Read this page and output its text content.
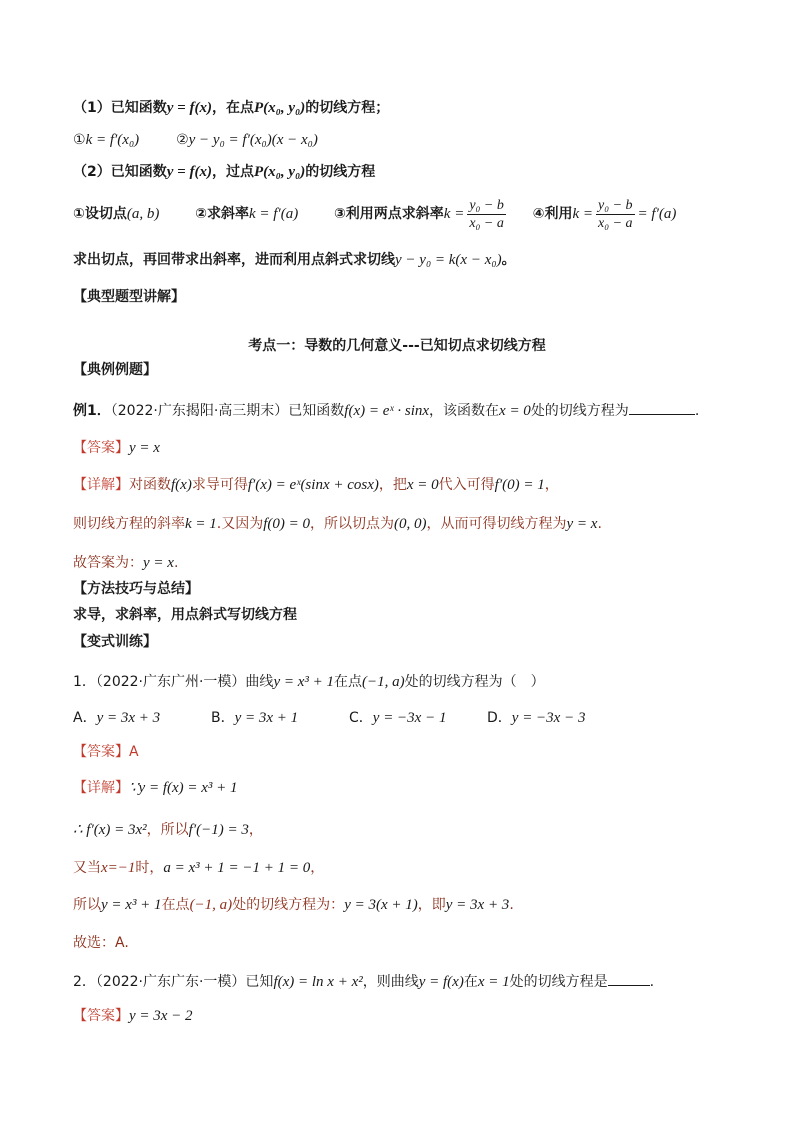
（1）已知函数y = f(x)，在点P(x₀, y₀)的切线方程；
①k = f′(x₀)	②y − y₀ = f′(x₀)(x − x₀)
（2）已知函数y = f(x)，过点P(x₀, y₀)的切线方程
①设切点(a, b)	②求斜率k = f′(a)	③利用两点求斜率$k = \frac{\text{y₀ − b}}{\text{x₀ − a}}$ ④利用$k = \frac{\text{y₀ − b}}{\text{x₀ − a}} = f'(a)$
求出切点，再回带求出斜率，进而利用点斜式求切线y − y₀ = k(x − x₀)。
【典型题型讲解】
考点一：导数的几何意义---已知切点求切线方程
【典例例题】
例1．（2022·广东揭阳·高三期末）已知函数f(x) = eˣ · sinx，该函数在x = 0处的切线方程为	.
【答案】y = x
【详解】对函数f(x)求导可得f′(x) = eˣ(sinx + cosx)，把x = 0代入可得f′(0) = 1，
则切线方程的斜率k = 1.又因为f(0) = 0，所以切点为(0, 0)，从而可得切线方程为y = x.
故答案为：y = x.
【方法技巧与总结】
求导，求斜率，用点斜式写切线方程
【变式训练】
1．（2022·广东广州·一模）曲线y = x³ + 1在点(−1, a)处的切线方程为（　）
A．y = 3x + 3	B．y = 3x + 1	C．y = −3x − 1	D．y = −3x − 3
【答案】A
【详解】∵y = f(x) = x³ + 1
∴ f′(x) = 3x²，所以f′(−1) = 3，
又当x=−1时，a = x³ + 1 = −1 + 1 = 0，
所以y = x³ + 1在点(−1, a)处的切线方程为：y = 3(x + 1)，即y = 3x + 3.
故选：A.
2．（2022·广东广东·一模）已知f(x) = ln x + x²，则曲线y = f(x)在x = 1处的切线方程是	.
【答案】y = 3x − 2
